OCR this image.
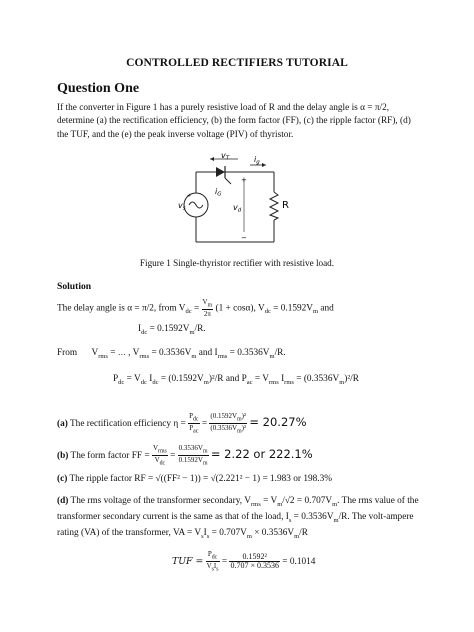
CONTROLLED RECTIFIERS TUTORIAL
Question One
If the converter in Figure 1 has a purely resistive load of R and the delay angle is α = π/2, determine (a) the rectification efficiency, (b) the form factor (FF), (c) the ripple factor (RF), (d) the TUF, and the (e) the peak inverse voltage (PIV) of thyristor.
vT	ig
iG
vs	vd	R
+
−
+
Figure 1 Single-thyristor rectifier with resistive load.
Solution
The delay angle is α = π/2, from $V_{dc} = \frac{V_m}{2\pi} (1 + \cos\alpha)$, $V_{dc} = 0.1592V_m$ and
$I_{dc} = 0.1592V_m/R$.
From $V_{rms}$ = … , $V_{rms} = 0.3536V_m$ and $I_{rms} = 0.3536V_m/R$.
$P_{dc} = V_{dc}$ $I_{dc} = (0.1592V_m)^2/R$ and $P_{ac} = V_{rms}$ $I_{rms} = (0.3536V_m)^2/R$
(a) The rectification efficiency $\eta = \frac{P_{dc}}{P_{ac}} = \frac{(0.1592V_m)^2}{(0.3536V_m)^2} = 20.27\%$
(b) The form factor FF = $\frac{V_{rms}}{V_{dc}} = \frac{0.3536V_m}{0.1592V_m} = 2.22$ or 222.1%
(c) The ripple factor RF = √((FF² − 1)) = √(2.221² − 1) = 1.983 or 198.3%
(d) The rms voltage of the transformer secondary, $V_{rms} = V_m/√2 = 0.707V_m$. The rms value of the transformer secondary current is the same as that of the load, $I_s = 0.3536V_m/R$. The volt-ampere rating (VA) of the transformer, VA = $V_sI_s = 0.707V_m \times 0.3536V_m/R$
TUF = $\frac{P_{dc}}{V_sI_s} = \frac{\text{0.1592²}}{0.707 \times 0.3536} = 0.1014$
